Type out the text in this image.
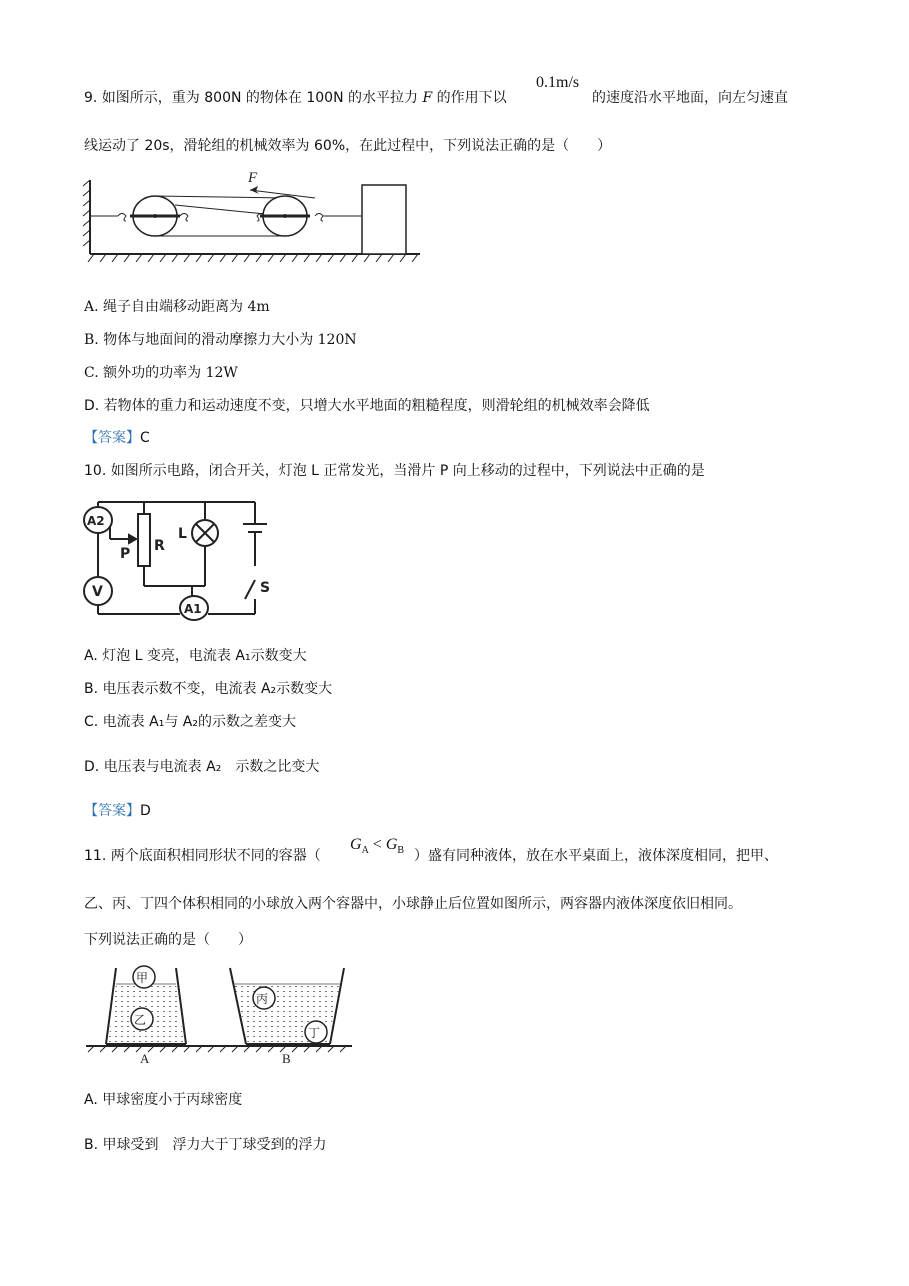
9. 如图所示，重为 800N 的物体在 100N 的水平拉力 F 的作用下以
0.1m/s
的速度沿水平地面，向左匀速直
线运动了 20s，滑轮组的机械效率为 60%，在此过程中，下列说法正确的是（　　）
F
A. 绳子自由端移动距离为 4m
B. 物体与地面间的滑动摩擦力大小为 120N
C. 额外功的功率为 12W
D. 若物体的重力和运动速度不变，只增大水平地面的粗糙程度，则滑轮组的机械效率会降低
【答案】C
10. 如图所示电路，闭合开关，灯泡 L 正常发光，当滑片 P 向上移动的过程中，下列说法中正确的是
A2
V
A1
P R
L
S
A. 灯泡 L 变亮，电流表 A₁示数变大
B. 电压表示数不变，电流表 A₂示数变大
C. 电流表 A₁与 A₂的示数之差变大
D. 电压表与电流表 A₂　示数之比变大
【答案】D
11. 两个底面积相同形状不同的容器（
$G_A < G_B$ ）盛有同种液体，放在水平桌面上，液体深度相同，把甲、
乙、丙、丁四个体积相同的小球放入两个容器中，小球静止后位置如图所示，两容器内液体深度依旧相同。
下列说法正确的是（　　）
甲
乙
丙
丁
A	B
A. 甲球密度小于丙球密度
B. 甲球受到　浮力大于丁球受到的浮力
